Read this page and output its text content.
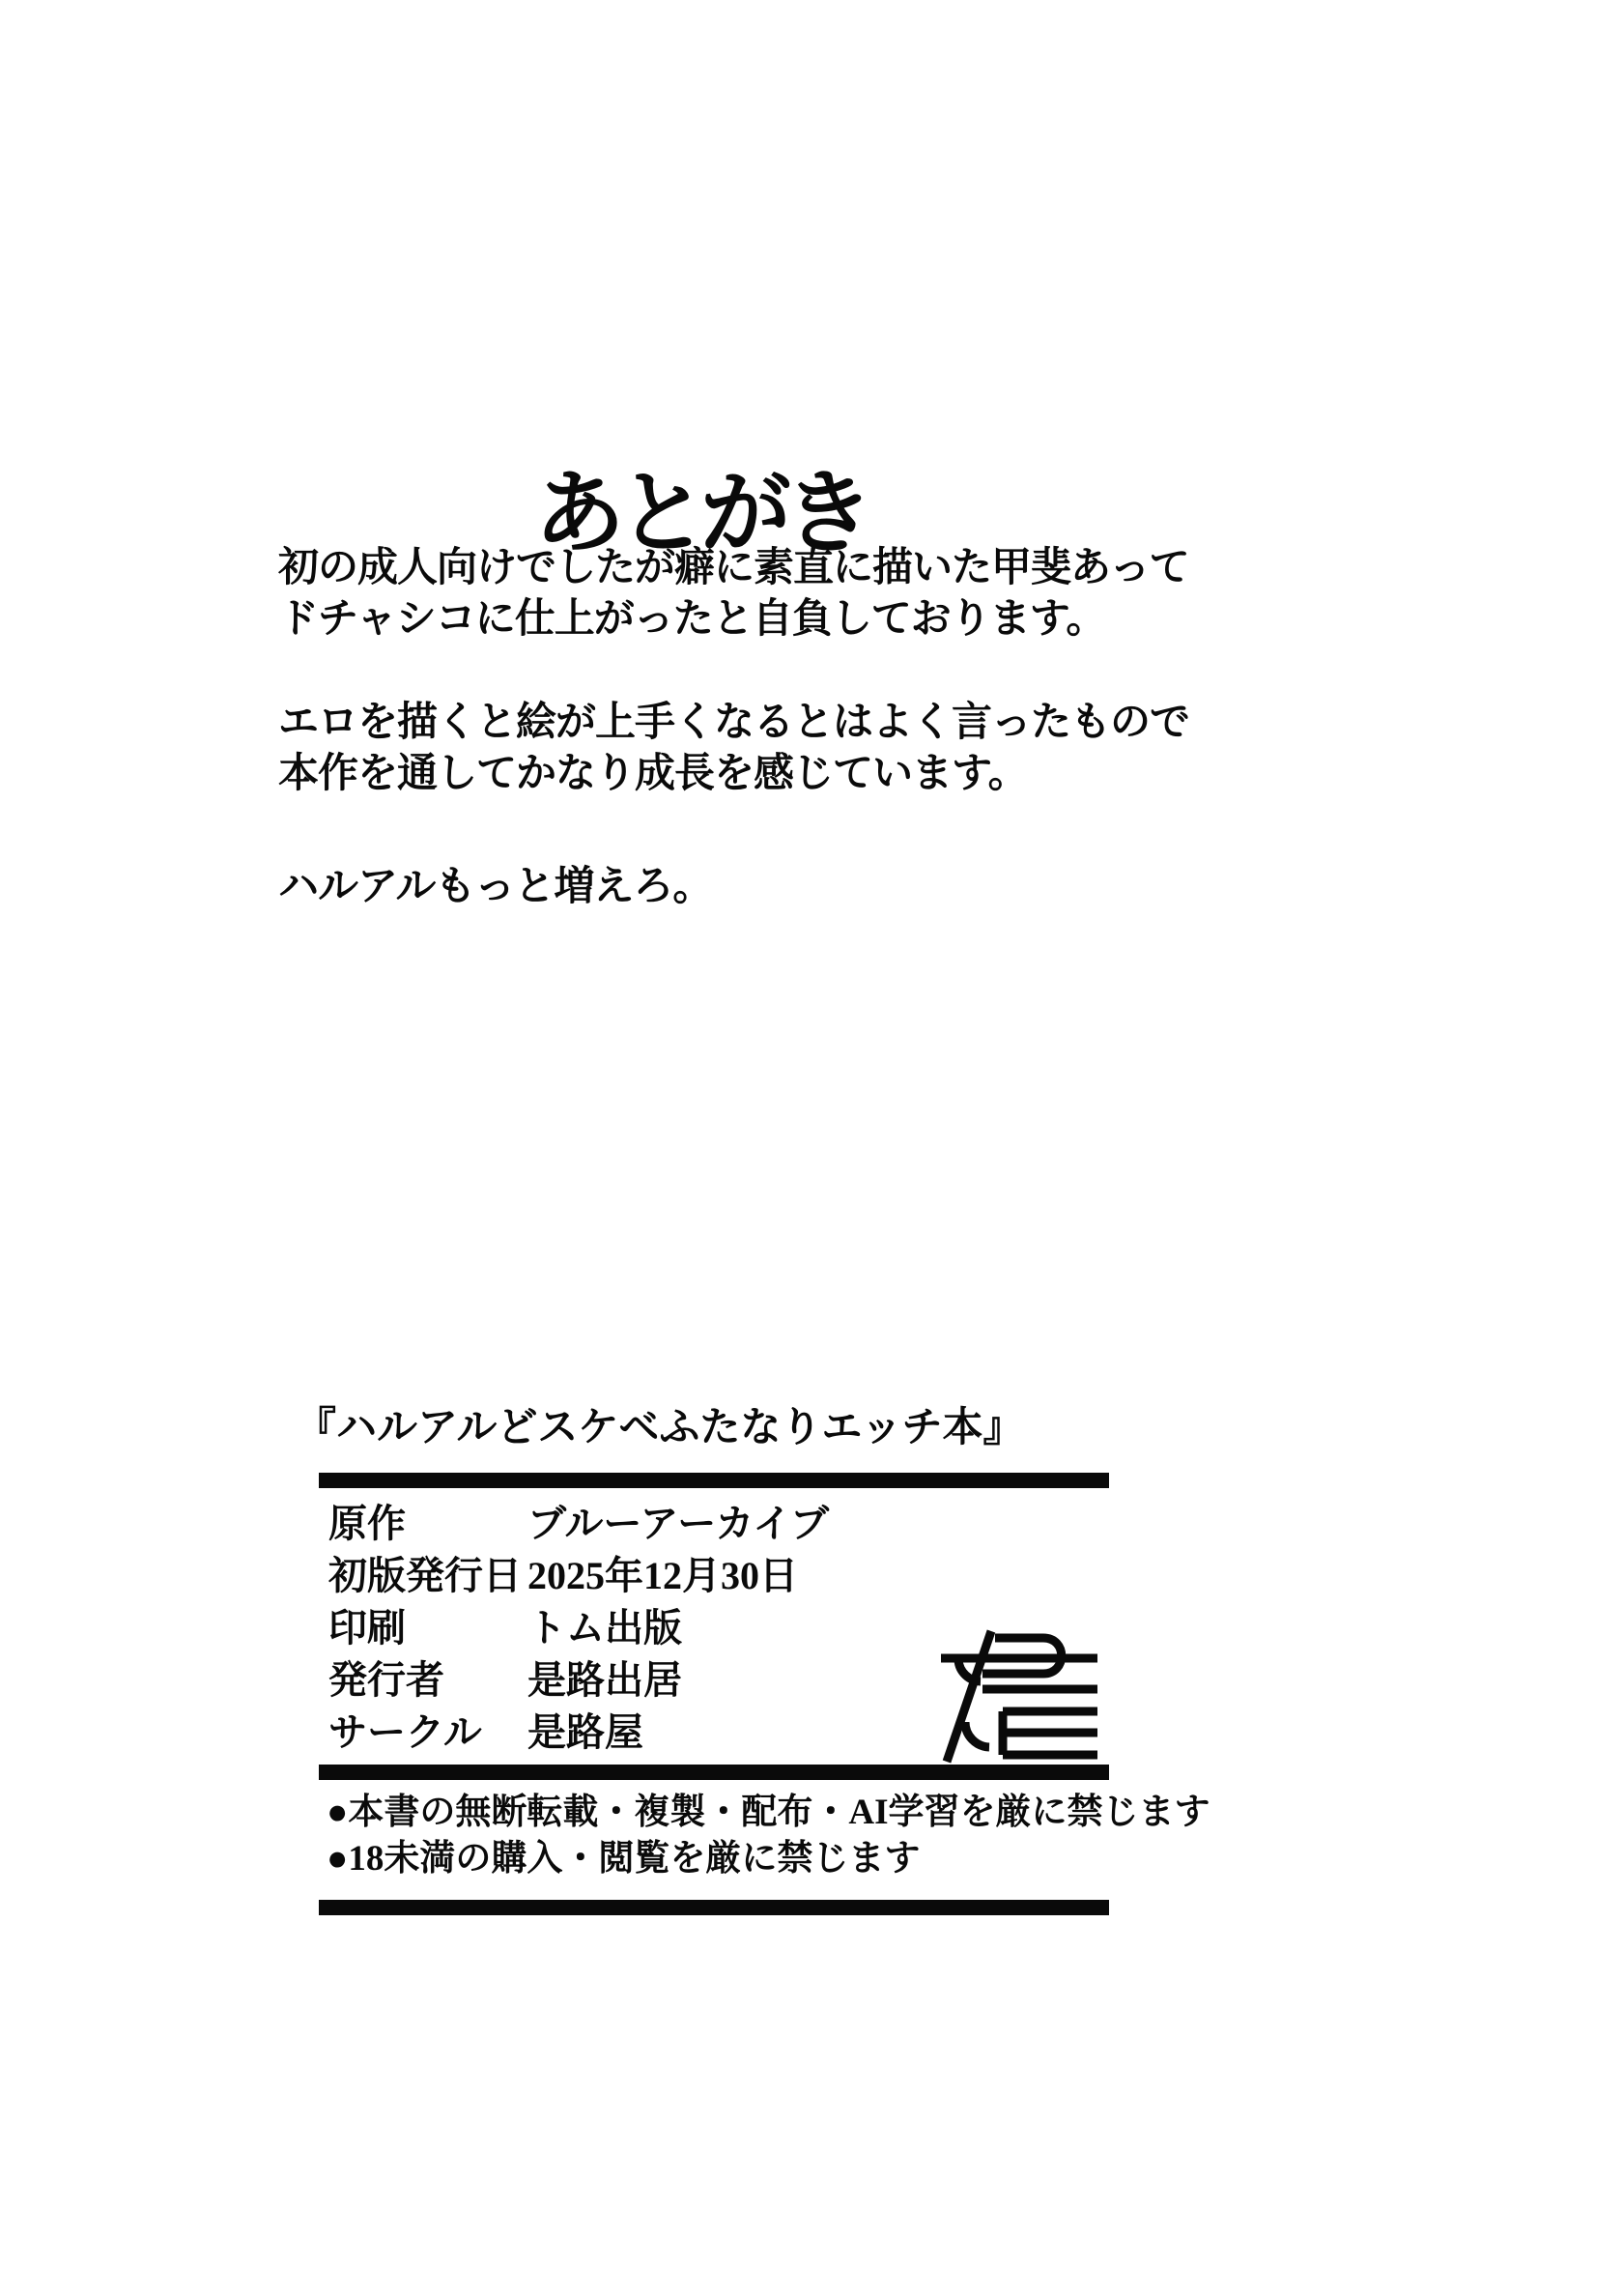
あとがき
初の成人向けでしたが癖に素直に描いた甲斐あって
ドチャシコに仕上がったと自負しております。
エロを描くと絵が上手くなるとはよく言ったもので
本作を通してかなり成長を感じています。
ハルアルもっと増えろ。
『ハルアルどスケベふたなりエッチ本』
原作	ブルーアーカイブ
初版発行日 2025年12月30日
印刷	トム出版
発行者	是路出居
サークル	是路屋
●本書の無断転載・複製・配布・AI学習を厳に禁じます
●18未満の購入・閲覧を厳に禁じます
